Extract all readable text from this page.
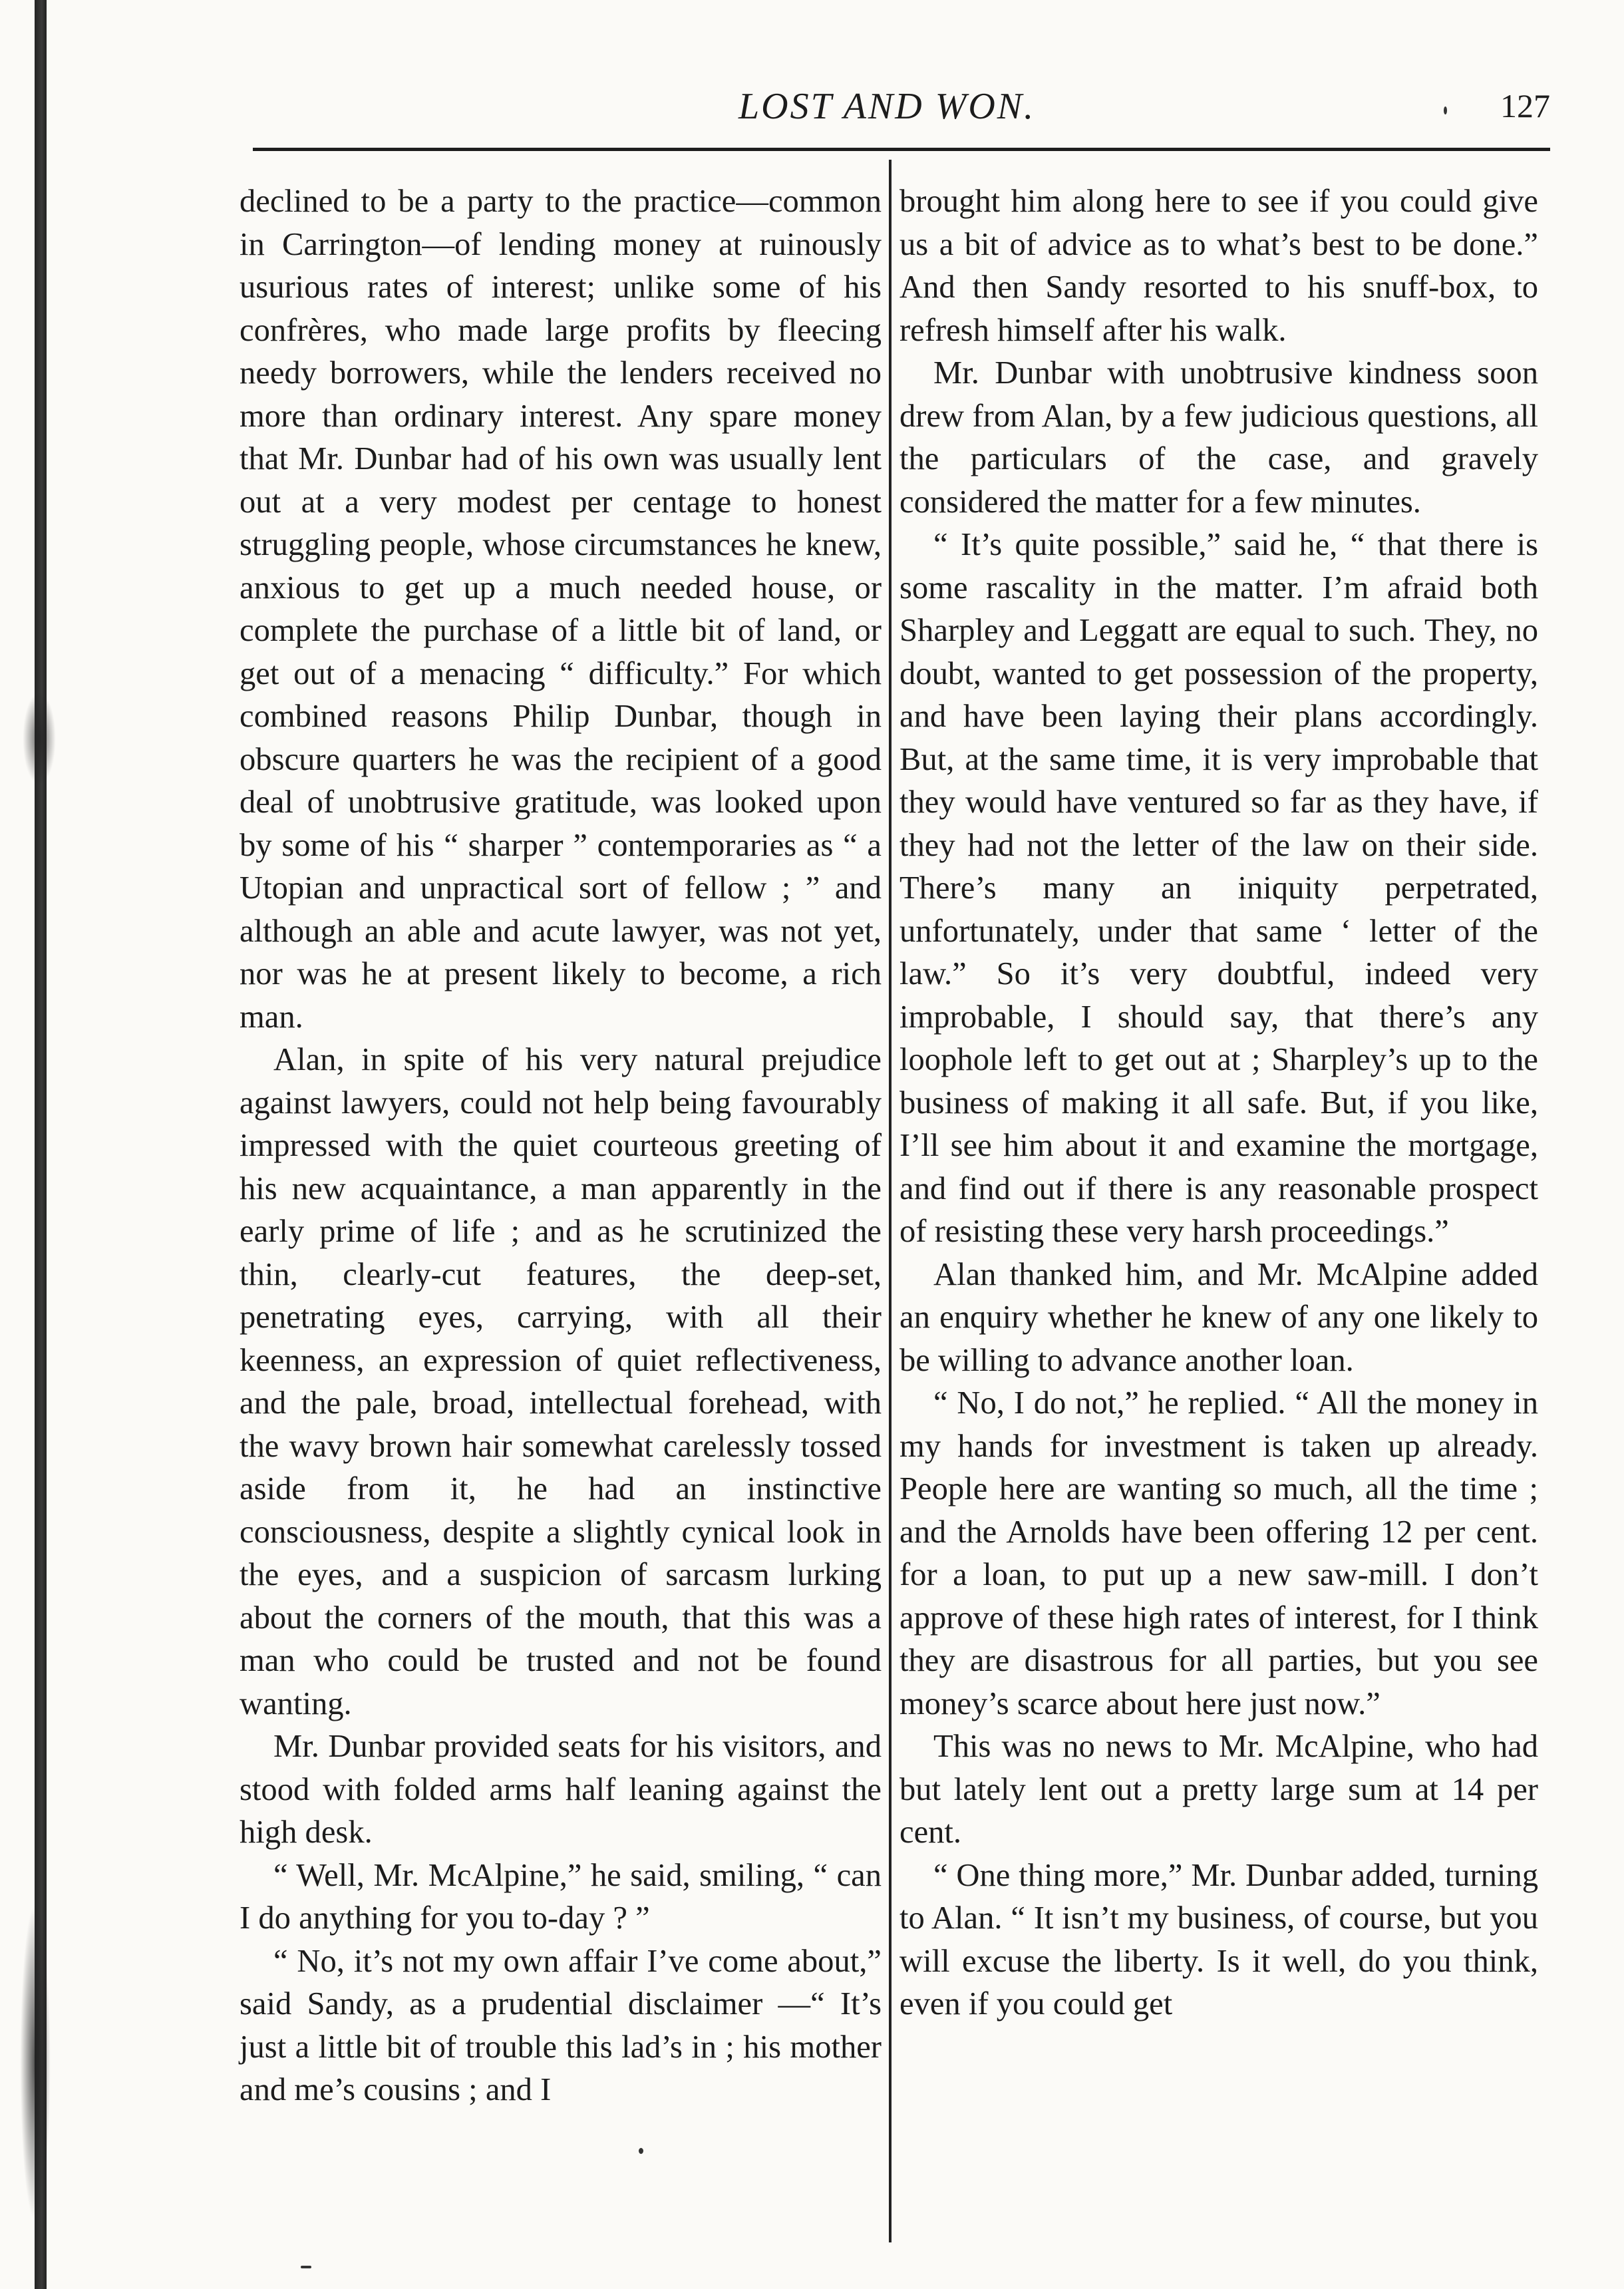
LOST AND WON.	127

declined to be a party to the practice—common in Carrington—of lending money at ruinously usurious rates of interest; unlike some of his confrères, who made large profits by fleecing needy borrowers, while the lenders received no more than ordinary interest. Any spare money that Mr. Dunbar had of his own was usually lent out at a very modest per centage to honest struggling people, whose circumstances he knew, anxious to get up a much needed house, or complete the purchase of a little bit of land, or get out of a menacing “ difficulty.” For which combined reasons Philip Dunbar, though in obscure quarters he was the recipient of a good deal of unobtrusive gratitude, was looked upon by some of his “ sharper ” contemporaries as “ a Utopian and unpractical sort of fellow ; ” and although an able and acute lawyer, was not yet, nor was he at present likely to become, a rich man.

Alan, in spite of his very natural prejudice against lawyers, could not help being favourably impressed with the quiet courteous greeting of his new acquaintance, a man apparently in the early prime of life ; and as he scrutinized the thin, clearly-cut features, the deep-set, penetrating eyes, carrying, with all their keenness, an expression of quiet reflectiveness, and the pale, broad, intellectual forehead, with the wavy brown hair somewhat carelessly tossed aside from it, he had an instinctive consciousness, despite a slightly cynical look in the eyes, and a suspicion of sarcasm lurking about the corners of the mouth, that this was a man who could be trusted and not be found wanting.

Mr. Dunbar provided seats for his visitors, and stood with folded arms half leaning against the high desk.

“ Well, Mr. McAlpine,” he said, smiling, “ can I do anything for you to-day ? ”

“ No, it’s not my own affair I’ve come about,” said Sandy, as a prudential disclaimer —“ It’s just a little bit of trouble this lad’s in ; his mother and me’s cousins ; and I

brought him along here to see if you could give us a bit of advice as to what’s best to be done.” And then Sandy resorted to his snuff-box, to refresh himself after his walk.

Mr. Dunbar with unobtrusive kindness soon drew from Alan, by a few judicious questions, all the particulars of the case, and gravely considered the matter for a few minutes.

“ It’s quite possible,” said he, “ that there is some rascality in the matter. I’m afraid both Sharpley and Leggatt are equal to such. They, no doubt, wanted to get possession of the property, and have been laying their plans accordingly. But, at the same time, it is very improbable that they would have ventured so far as they have, if they had not the letter of the law on their side. There’s many an iniquity perpetrated, unfortunately, under that same ‘ letter of the law.” So it’s very doubtful, indeed very improbable, I should say, that there’s any loophole left to get out at ; Sharpley’s up to the business of making it all safe. But, if you like, I’ll see him about it and examine the mortgage, and find out if there is any reasonable prospect of resisting these very harsh proceedings.”

Alan thanked him, and Mr. McAlpine added an enquiry whether he knew of any one likely to be willing to advance another loan.

“ No, I do not,” he replied. “ All the money in my hands for investment is taken up already. People here are wanting so much, all the time ; and the Arnolds have been offering 12 per cent. for a loan, to put up a new saw-mill. I don’t approve of these high rates of interest, for I think they are disastrous for all parties, but you see money’s scarce about here just now.”

This was no news to Mr. McAlpine, who had but lately lent out a pretty large sum at 14 per cent.

“ One thing more,” Mr. Dunbar added, turning to Alan. “ It isn’t my business, of course, but you will excuse the liberty. Is it well, do you think, even if you could get
